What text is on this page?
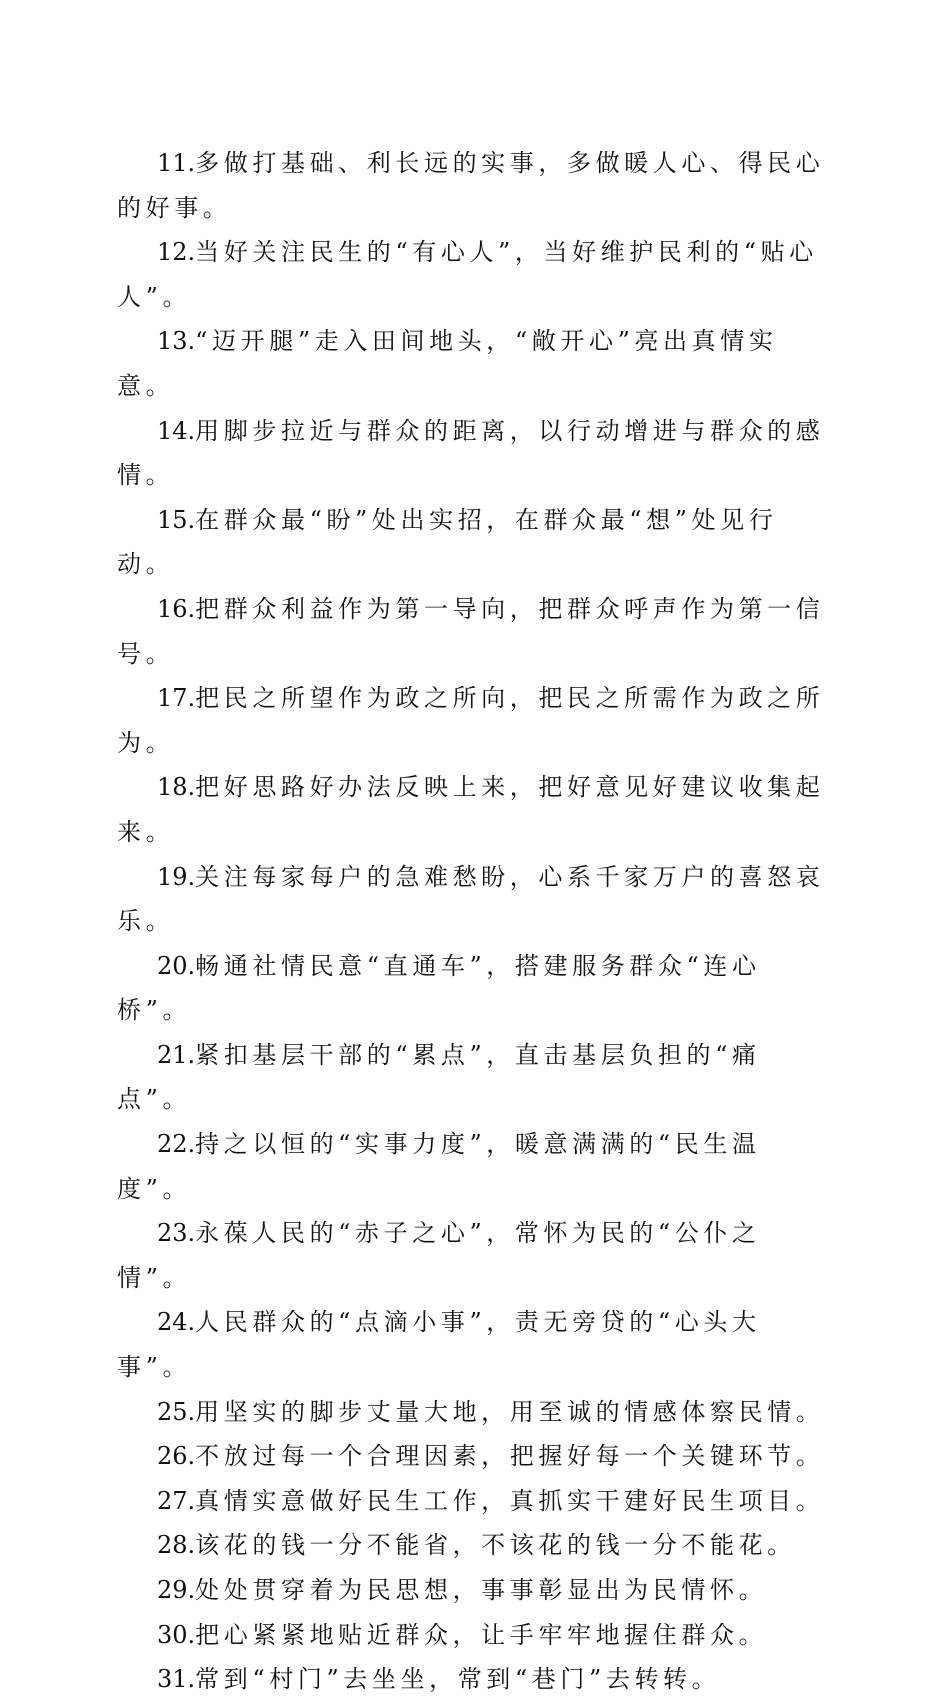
11.多做打基础、利长远的实事，多做暖人心、得民心的好事。

12.当好关注民生的“有心人”，当好维护民利的“贴心人”。

13.“迈开腿”走入田间地头，“敞开心”亮出真情实意。

14.用脚步拉近与群众的距离，以行动增进与群众的感情。

15.在群众最“盼”处出实招，在群众最“想”处见行动。

16.把群众利益作为第一导向，把群众呼声作为第一信号。

17.把民之所望作为政之所向，把民之所需作为政之所为。

18.把好思路好办法反映上来，把好意见好建议收集起来。

19.关注每家每户的急难愁盼，心系千家万户的喜怒哀乐。

20.畅通社情民意“直通车”，搭建服务群众“连心桥”。

21.紧扣基层干部的“累点”，直击基层负担的“痛点”。

22.持之以恒的“实事力度”，暖意满满的“民生温度”。

23.永葆人民的“赤子之心”，常怀为民的“公仆之情”。

24.人民群众的“点滴小事”，责无旁贷的“心头大事”。

25.用坚实的脚步丈量大地，用至诚的情感体察民情。

26.不放过每一个合理因素，把握好每一个关键环节。

27.真情实意做好民生工作，真抓实干建好民生项目。

28.该花的钱一分不能省，不该花的钱一分不能花。

29.处处贯穿着为民思想，事事彰显出为民情怀。

30.把心紧紧地贴近群众，让手牢牢地握住群众。

31.常到“村门”去坐坐，常到“巷门”去转转。
